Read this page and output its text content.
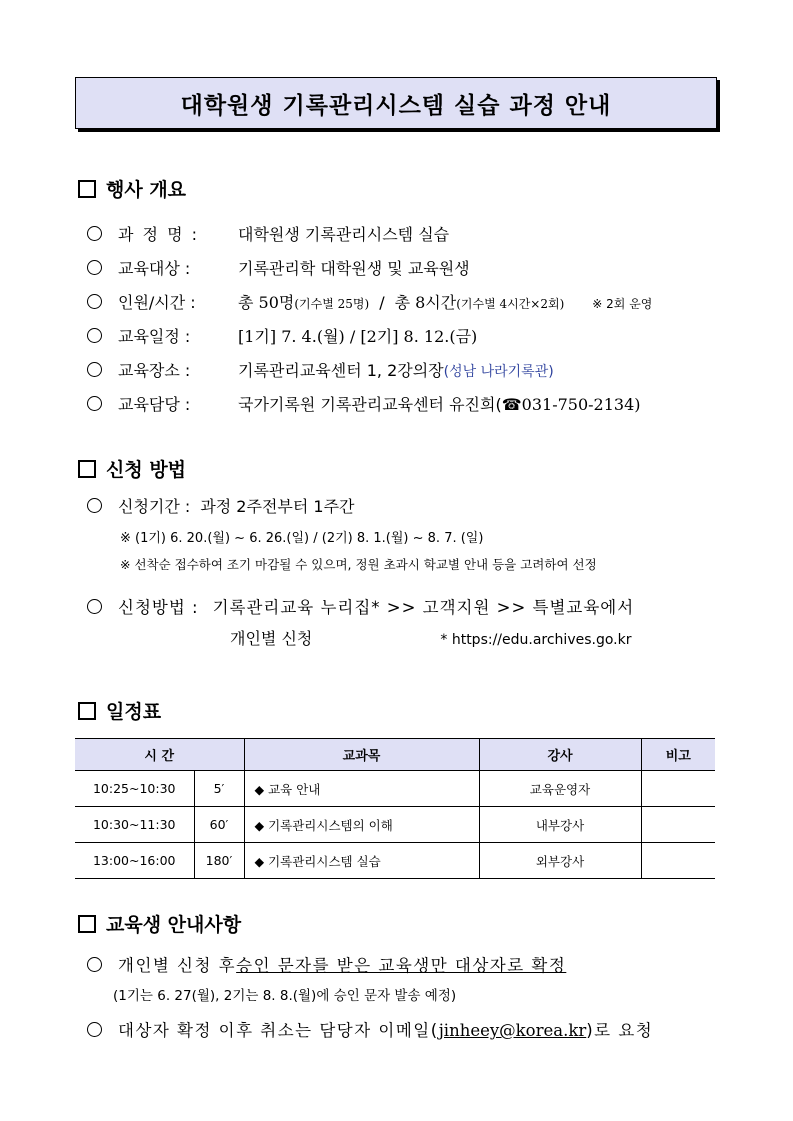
대학원생 기록관리시스템 실습 과정 안내
행사 개요
과 정 명 :	대학원생 기록관리시스템 실습
교육대상 :	기록관리학 대학원생 및 교육원생
인원/시간 :	총 50명 (기수별 25명) / 총 8시간 (기수별 4시간×2회) ※ 2회 운영
교육일정 :	[1기] 7. 4.(월) / [2기] 8. 12.(금)
교육장소 :	기록관리교육센터 1, 2강의장 (성남 나라기록관)
교육담당 :	국가기록원 기록관리교육센터 유진희( ☎031-750-2134)
신청 방법
신청기간 : 과정 2주전부터 1주간
※ (1기) 6. 20.(월) ~ 6. 26.(일) / (2기) 8. 1.(월) ~ 8. 7. (일)
※ 선착순 접수하여 조기 마감될 수 있으며, 정원 초과시 학교별 안내 등을 고려하여 선정
신청방법 : 기록관리교육 누리집* >> 고객지원 >> 특별교육에서
개인별 신청	* https://edu.archives.go.kr
일정표
시 간		교과목	강사	비고
10:25~10:30	5′	◆ 교육 안내	교육운영자	
10:30~11:30	60′	◆ 기록관리시스템의 이해	내부강사	
13:00~16:00	180′	◆ 기록관리시스템 실습	외부강사	
교육생 안내사항
개인별 신청 후 승인 문자를 받은 교육생만 대상자로 확정
(1기는 6. 27(월), 2기는 8. 8.(월)에 승인 문자 발송 예정)
대상자 확정 이후 취소는 담당자 이메일( jinheey@korea.kr )로 요청
